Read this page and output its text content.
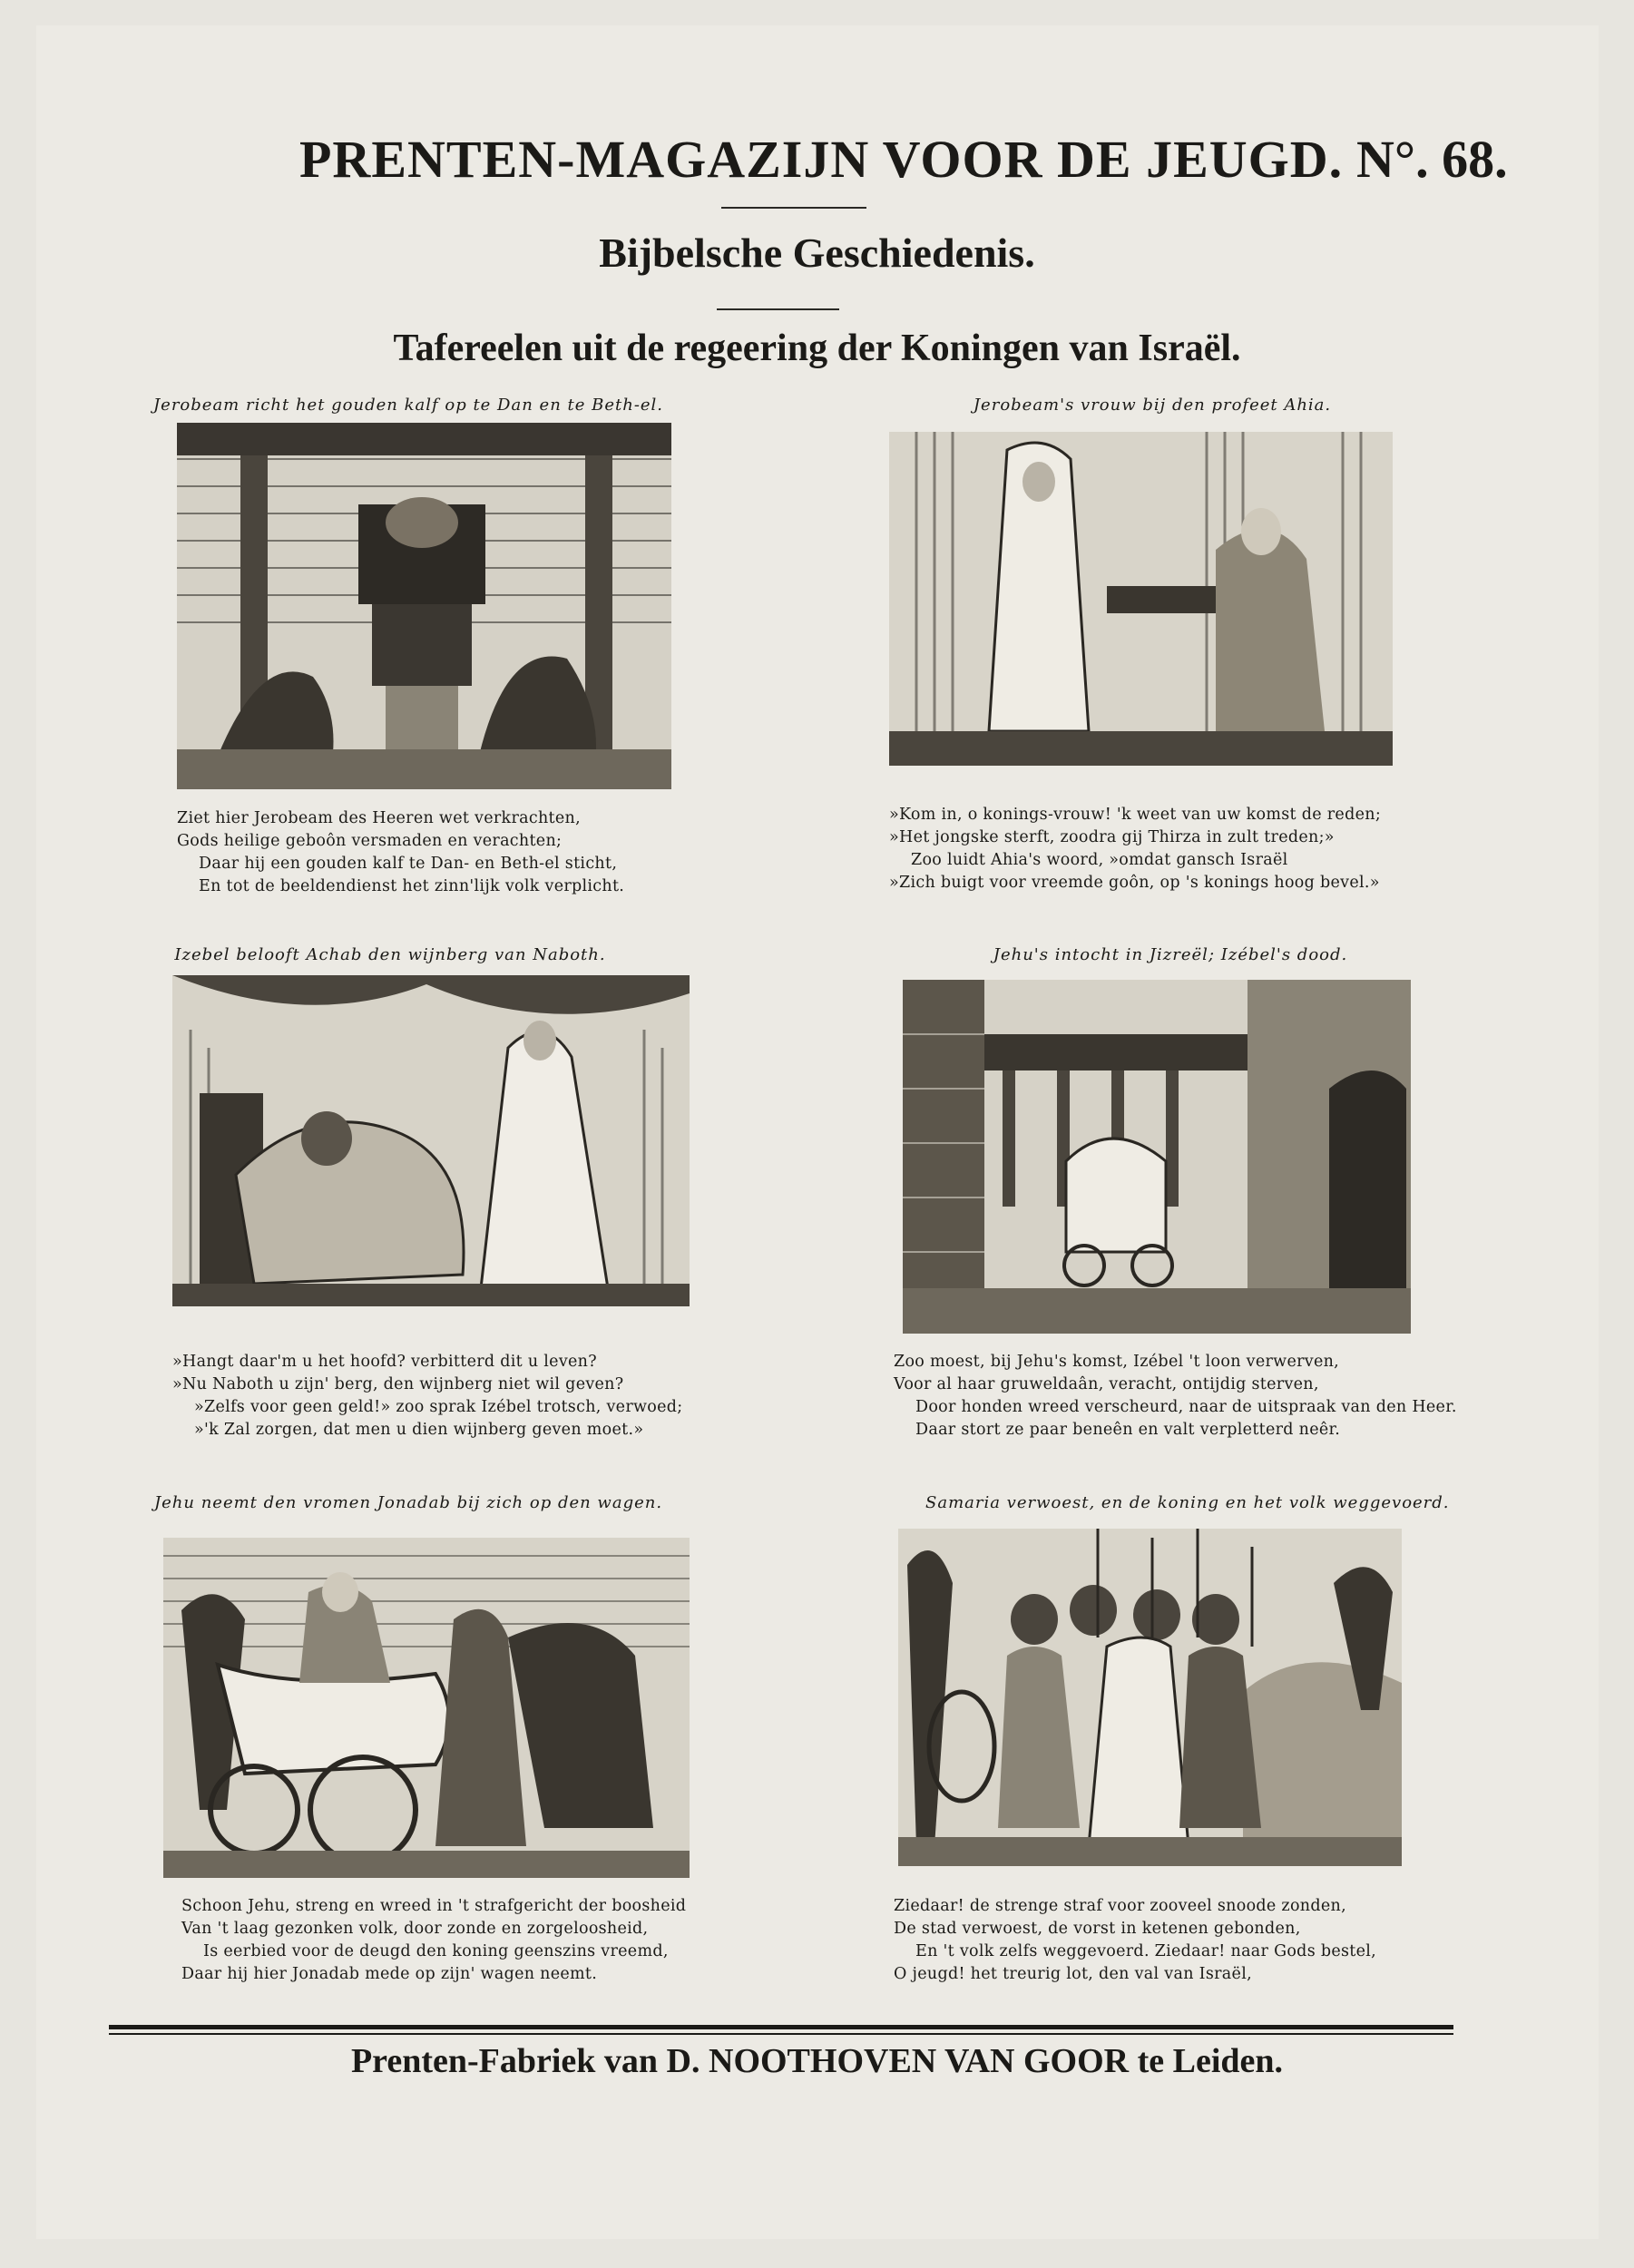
PRENTEN-MAGAZIJN VOOR DE JEUGD. N°. 68.
Bijbelsche Geschiedenis.
Tafereelen uit de regeering der Koningen van Israël.
Jerobeam richt het gouden kalf op te Dan en te Beth-el.
Ziet hier Jerobeam des Heeren wet verkrachten,
Gods heilige geboôn versmaden en verachten;
Daar hij een gouden kalf te Dan- en Beth-el sticht,
En tot de beeldendienst het zinn'lijk volk verplicht.
Jerobeam's vrouw bij den profeet Ahia.
»Kom in, o konings-vrouw! 'k weet van uw komst de reden;
»Het jongske sterft, zoodra gij Thirza in zult treden;»
Zoo luidt Ahia's woord, »omdat gansch Israël
»Zich buigt voor vreemde goôn, op 's konings hoog bevel.»
Izebel belooft Achab den wijnberg van Naboth.
»Hangt daar'm u het hoofd? verbitterd dit u leven?
»Nu Naboth u zijn' berg, den wijnberg niet wil geven?
»Zelfs voor geen geld!» zoo sprak Izébel trotsch, verwoed;
»'k Zal zorgen, dat men u dien wijnberg geven moet.»
Jehu's intocht in Jizreël; Izébel's dood.
Zoo moest, bij Jehu's komst, Izébel 't loon verwerven,
Voor al haar gruweldaân, veracht, ontijdig sterven,
Door honden wreed verscheurd, naar de uitspraak van den Heer.
Daar stort ze paar beneên en valt verpletterd neêr.
Jehu neemt den vromen Jonadab bij zich op den wagen.
Schoon Jehu, streng en wreed in 't strafgericht der boosheid
Van 't laag gezonken volk, door zonde en zorgeloosheid,
Is eerbied voor de deugd den koning geenszins vreemd,
Daar hij hier Jonadab mede op zijn' wagen neemt.
Samaria verwoest, en de koning en het volk weggevoerd.
Ziedaar! de strenge straf voor zooveel snoode zonden,
De stad verwoest, de vorst in ketenen gebonden,
En 't volk zelfs weggevoerd. Ziedaar! naar Gods bestel,
O jeugd! het treurig lot, den val van Israël,
Prenten-Fabriek van D. NOOTHOVEN VAN GOOR te Leiden.
